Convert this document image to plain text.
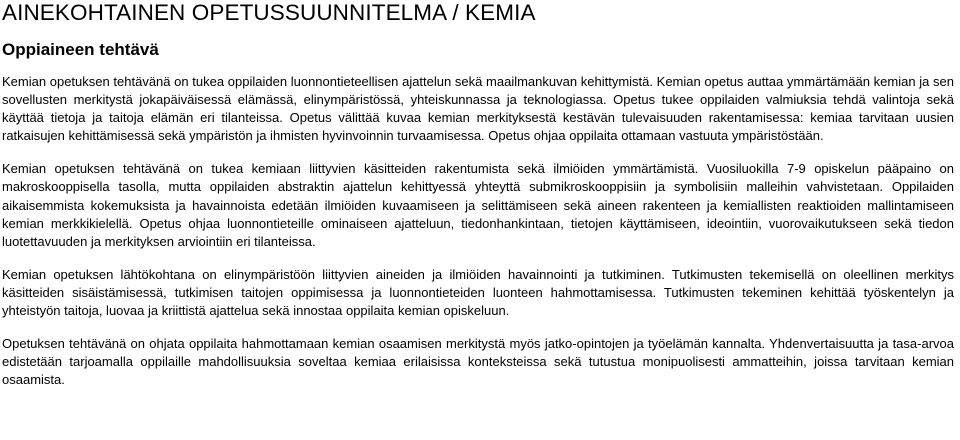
AINEKOHTAINEN OPETUSSUUNNITELMA / KEMIA
Oppiaineen tehtävä

Kemian opetuksen tehtävänä on tukea oppilaiden luonnontieteellisen ajattelun sekä maailmankuvan kehittymistä. Kemian opetus auttaa ymmärtämään kemian ja sen sovellusten merkitystä jokapäiväisessä elämässä, elinympäristössä, yhteiskunnassa ja teknologiassa. Opetus tukee oppilaiden valmiuksia tehdä valintoja sekä käyttää tietoja ja taitoja elämän eri tilanteissa. Opetus välittää kuvaa kemian merkityksestä kestävän tulevaisuuden rakentamisessa: kemiaa tarvitaan uusien ratkaisujen kehittämisessä sekä ympäristön ja ihmisten hyvinvoinnin turvaamisessa. Opetus ohjaa oppilaita ottamaan vastuuta ympäristöstään.

Kemian opetuksen tehtävänä on tukea kemiaan liittyvien käsitteiden rakentumista sekä ilmiöiden ymmärtämistä. Vuosiluokilla 7-9 opiskelun pääpaino on makroskooppisella tasolla, mutta oppilaiden abstraktin ajattelun kehittyessä yhteyttä submikroskooppisiin ja symbolisiin malleihin vahvistetaan. Oppilaiden aikaisemmista kokemuksista ja havainnoista edetään ilmiöiden kuvaamiseen ja selittämiseen sekä aineen rakenteen ja kemiallisten reaktioiden mallintamiseen kemian merkkikielellä. Opetus ohjaa luonnontieteille ominaiseen ajatteluun, tiedonhankintaan, tietojen käyttämiseen, ideointiin, vuorovaikutukseen sekä tiedon luotettavuuden ja merkityksen arviointiin eri tilanteissa.

Kemian opetuksen lähtökohtana on elinympäristöön liittyvien aineiden ja ilmiöiden havainnointi ja tutkiminen. Tutkimusten tekemisellä on oleellinen merkitys käsitteiden sisäistämisessä, tutkimisen taitojen oppimisessa ja luonnontieteiden luonteen hahmottamisessa. Tutkimusten tekeminen kehittää työskentelyn ja yhteistyön taitoja, luovaa ja kriittistä ajattelua sekä innostaa oppilaita kemian opiskeluun.

Opetuksen tehtävänä on ohjata oppilaita hahmottamaan kemian osaamisen merkitystä myös jatko-opintojen ja työelämän kannalta. Yhdenvertaisuutta ja tasa-arvoa edistetään tarjoamalla oppilaille mahdollisuuksia soveltaa kemiaa erilaisissa konteksteissa sekä tutustua monipuolisesti ammatteihin, joissa tarvitaan kemian osaamista.
